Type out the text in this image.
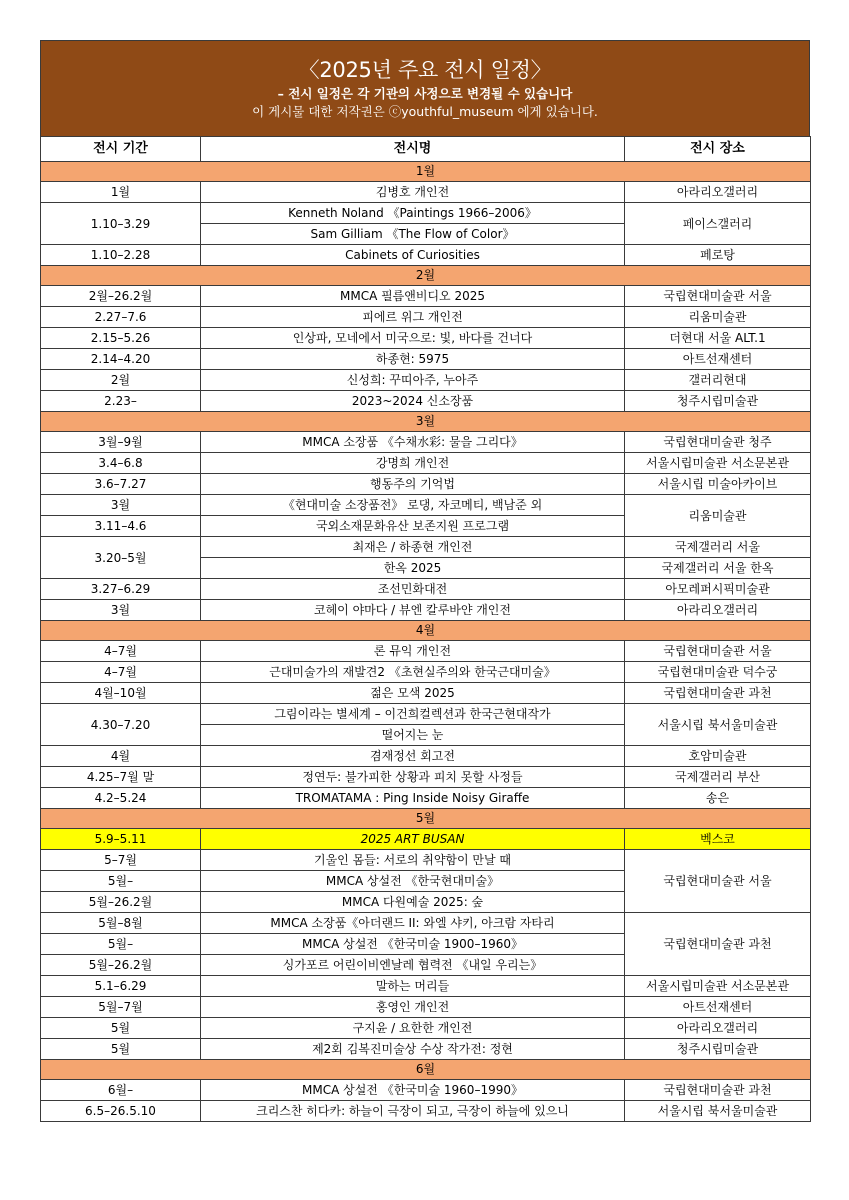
〈2025년 주요 전시 일정〉
– 전시 일정은 각 기관의 사정으로 변경될 수 있습니다
이 게시물 대한 저작권은 ⓒyouthful_museum 에게 있습니다.
전시 기간	전시명	전시 장소
1월		
1월	김병호 개인전	아라리오갤러리
1.10–3.29	Kenneth Noland 《Paintings 1966–2006》	페이스갤러리
	Sam Gilliam 《The Flow of Color》	
1.10–2.28	Cabinets of Curiosities	페로탕
2월		
2월–26.2월	MMCA 필름앤비디오 2025	국립현대미술관 서울
2.27–7.6	피에르 위그 개인전	리움미술관
2.15–5.26	인상파, 모네에서 미국으로: 빛, 바다를 건너다	더현대 서울 ALT.1
2.14–4.20	하종현: 5975	아트선재센터
2월	신성희: 꾸띠아주, 누아주	갤러리현대
2.23–	2023~2024 신소장품	청주시립미술관
3월		
3월–9월	MMCA 소장품 《수채水彩: 물을 그리다》	국립현대미술관 청주
3.4–6.8	강명희 개인전	서울시립미술관 서소문본관
3.6–7.27	행동주의 기억법	서울시립 미술아카이브
3월	《현대미술 소장품전》 로댕, 자코메티, 백남준 외	리움미술관
3.11–4.6	국외소재문화유산 보존지원 프로그램	
3.20–5월	최재은 / 하종현 개인전	국제갤러리 서울
	한옥 2025	국제갤러리 서울 한옥
3.27–6.29	조선민화대전	아모레퍼시픽미술관
3월	코헤이 야마다 / 뷰엔 칼루바얀 개인전	아라리오갤러리
4월		
4–7월	론 뮤익 개인전	국립현대미술관 서울
4–7월	근대미술가의 재발견2 《초현실주의와 한국근대미술》	국립현대미술관 덕수궁
4월–10월	젊은 모색 2025	국립현대미술관 과천
4.30–7.20	그림이라는 별세계 – 이건희컬렉션과 한국근현대작가	서울시립 북서울미술관
	떨어지는 눈	
4월	겸재정선 회고전	호암미술관
4.25–7월 말	정연두: 불가피한 상황과 피치 못할 사정들	국제갤러리 부산
4.2–5.24	TROMATAMA : Ping Inside Noisy Giraffe	송은
5월		
5.9–5.11	2025 ART BUSAN	벡스코
5–7월	기울인 몸들: 서로의 취약함이 만날 때	국립현대미술관 서울
5월–	MMCA 상설전 《한국현대미술》	
5월–26.2월	MMCA 다원예술 2025: 숲	
5월–8월	MMCA 소장품《아더랜드 II: 와엘 샤키, 아크람 자타리	국립현대미술관 과천
5월–	MMCA 상설전 《한국미술 1900–1960》	
5월–26.2월	싱가포르 어린이비엔날레 협력전 《내일 우리는》	
5.1–6.29	말하는 머리들	서울시립미술관 서소문본관
5월–7월	홍영인 개인전	아트선재센터
5월	구지윤 / 요한한 개인전	아라리오갤러리
5월	제2회 김복진미술상 수상 작가전: 정현	청주시립미술관
6월		
6월–	MMCA 상설전 《한국미술 1960–1990》	국립현대미술관 과천
6.5–26.5.10	크리스찬 히다카: 하늘이 극장이 되고, 극장이 하늘에 있으니	서울시립 북서울미술관
